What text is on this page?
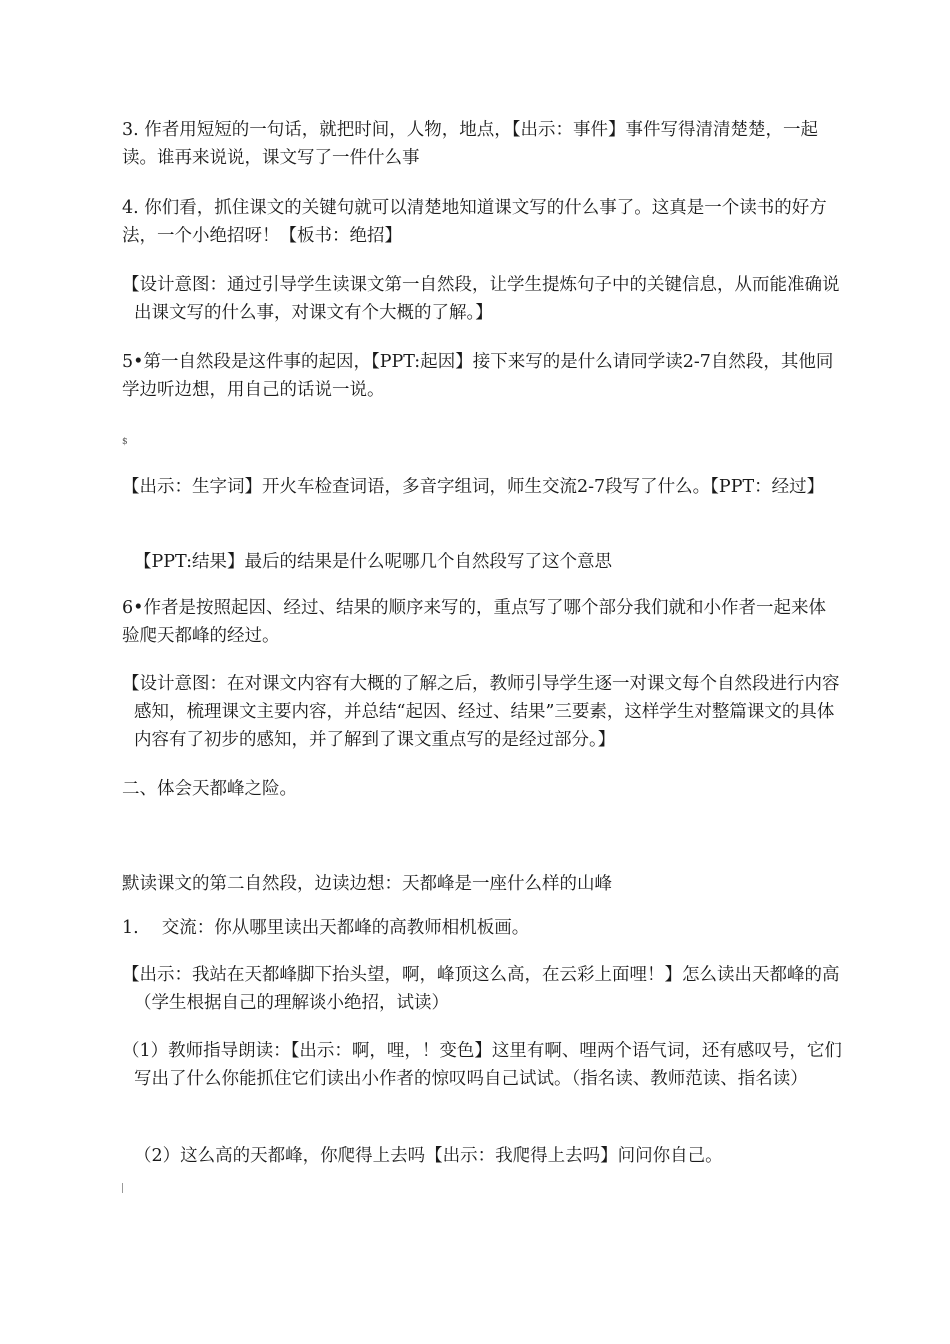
3. 作者用短短的一句话，就把时间，人物，地点，【出示：事件】事件写得清清楚楚，一起读。谁再来说说，课文写了一件什么事
4. 你们看，抓住课文的关键句就可以清楚地知道课文写的什么事了。这真是一个读书的好方法，一个小绝招呀！【板书：绝招】
【设计意图：通过引导学生读课文第一自然段，让学生提炼句子中的关键信息，从而能准确说出课文写的什么事，对课文有个大概的了解。】
5•第一自然段是这件事的起因，【PPT:起因】接下来写的是什么请同学读2-7自然段，其他同学边听边想，用自己的话说一说。
$
【出示：生字词】开火车检查词语，多音字组词，师生交流2-7段写了什么。【PPT：经过】
【PPT:结果】最后的结果是什么呢哪几个自然段写了这个意思
6•作者是按照起因、经过、结果的顺序来写的，重点写了哪个部分我们就和小作者一起来体验爬天都峰的经过。
【设计意图：在对课文内容有大概的了解之后，教师引导学生逐一对课文每个自然段进行内容感知，梳理课文主要内容，并总结“起因、经过、结果”三要素，这样学生对整篇课文的具体内容有了初步的感知，并了解到了课文重点写的是经过部分。】
二、体会天都峰之险。
默读课文的第二自然段，边读边想：天都峰是一座什么样的山峰
1.　 交流：你从哪里读出天都峰的高教师相机板画。
【出示：我站在天都峰脚下抬头望，啊，峰顶这么高，在云彩上面哩！】怎么读出天都峰的高（学生根据自己的理解谈小绝招，试读）
（1）教师指导朗读：【出示：啊，哩，！变色】这里有啊、哩两个语气词，还有感叹号，它们写出了什么你能抓住它们读出小作者的惊叹吗自己试试。（指名读、教师范读、指名读）
（2）这么高的天都峰，你爬得上去吗【出示：我爬得上去吗】问问你自己。
